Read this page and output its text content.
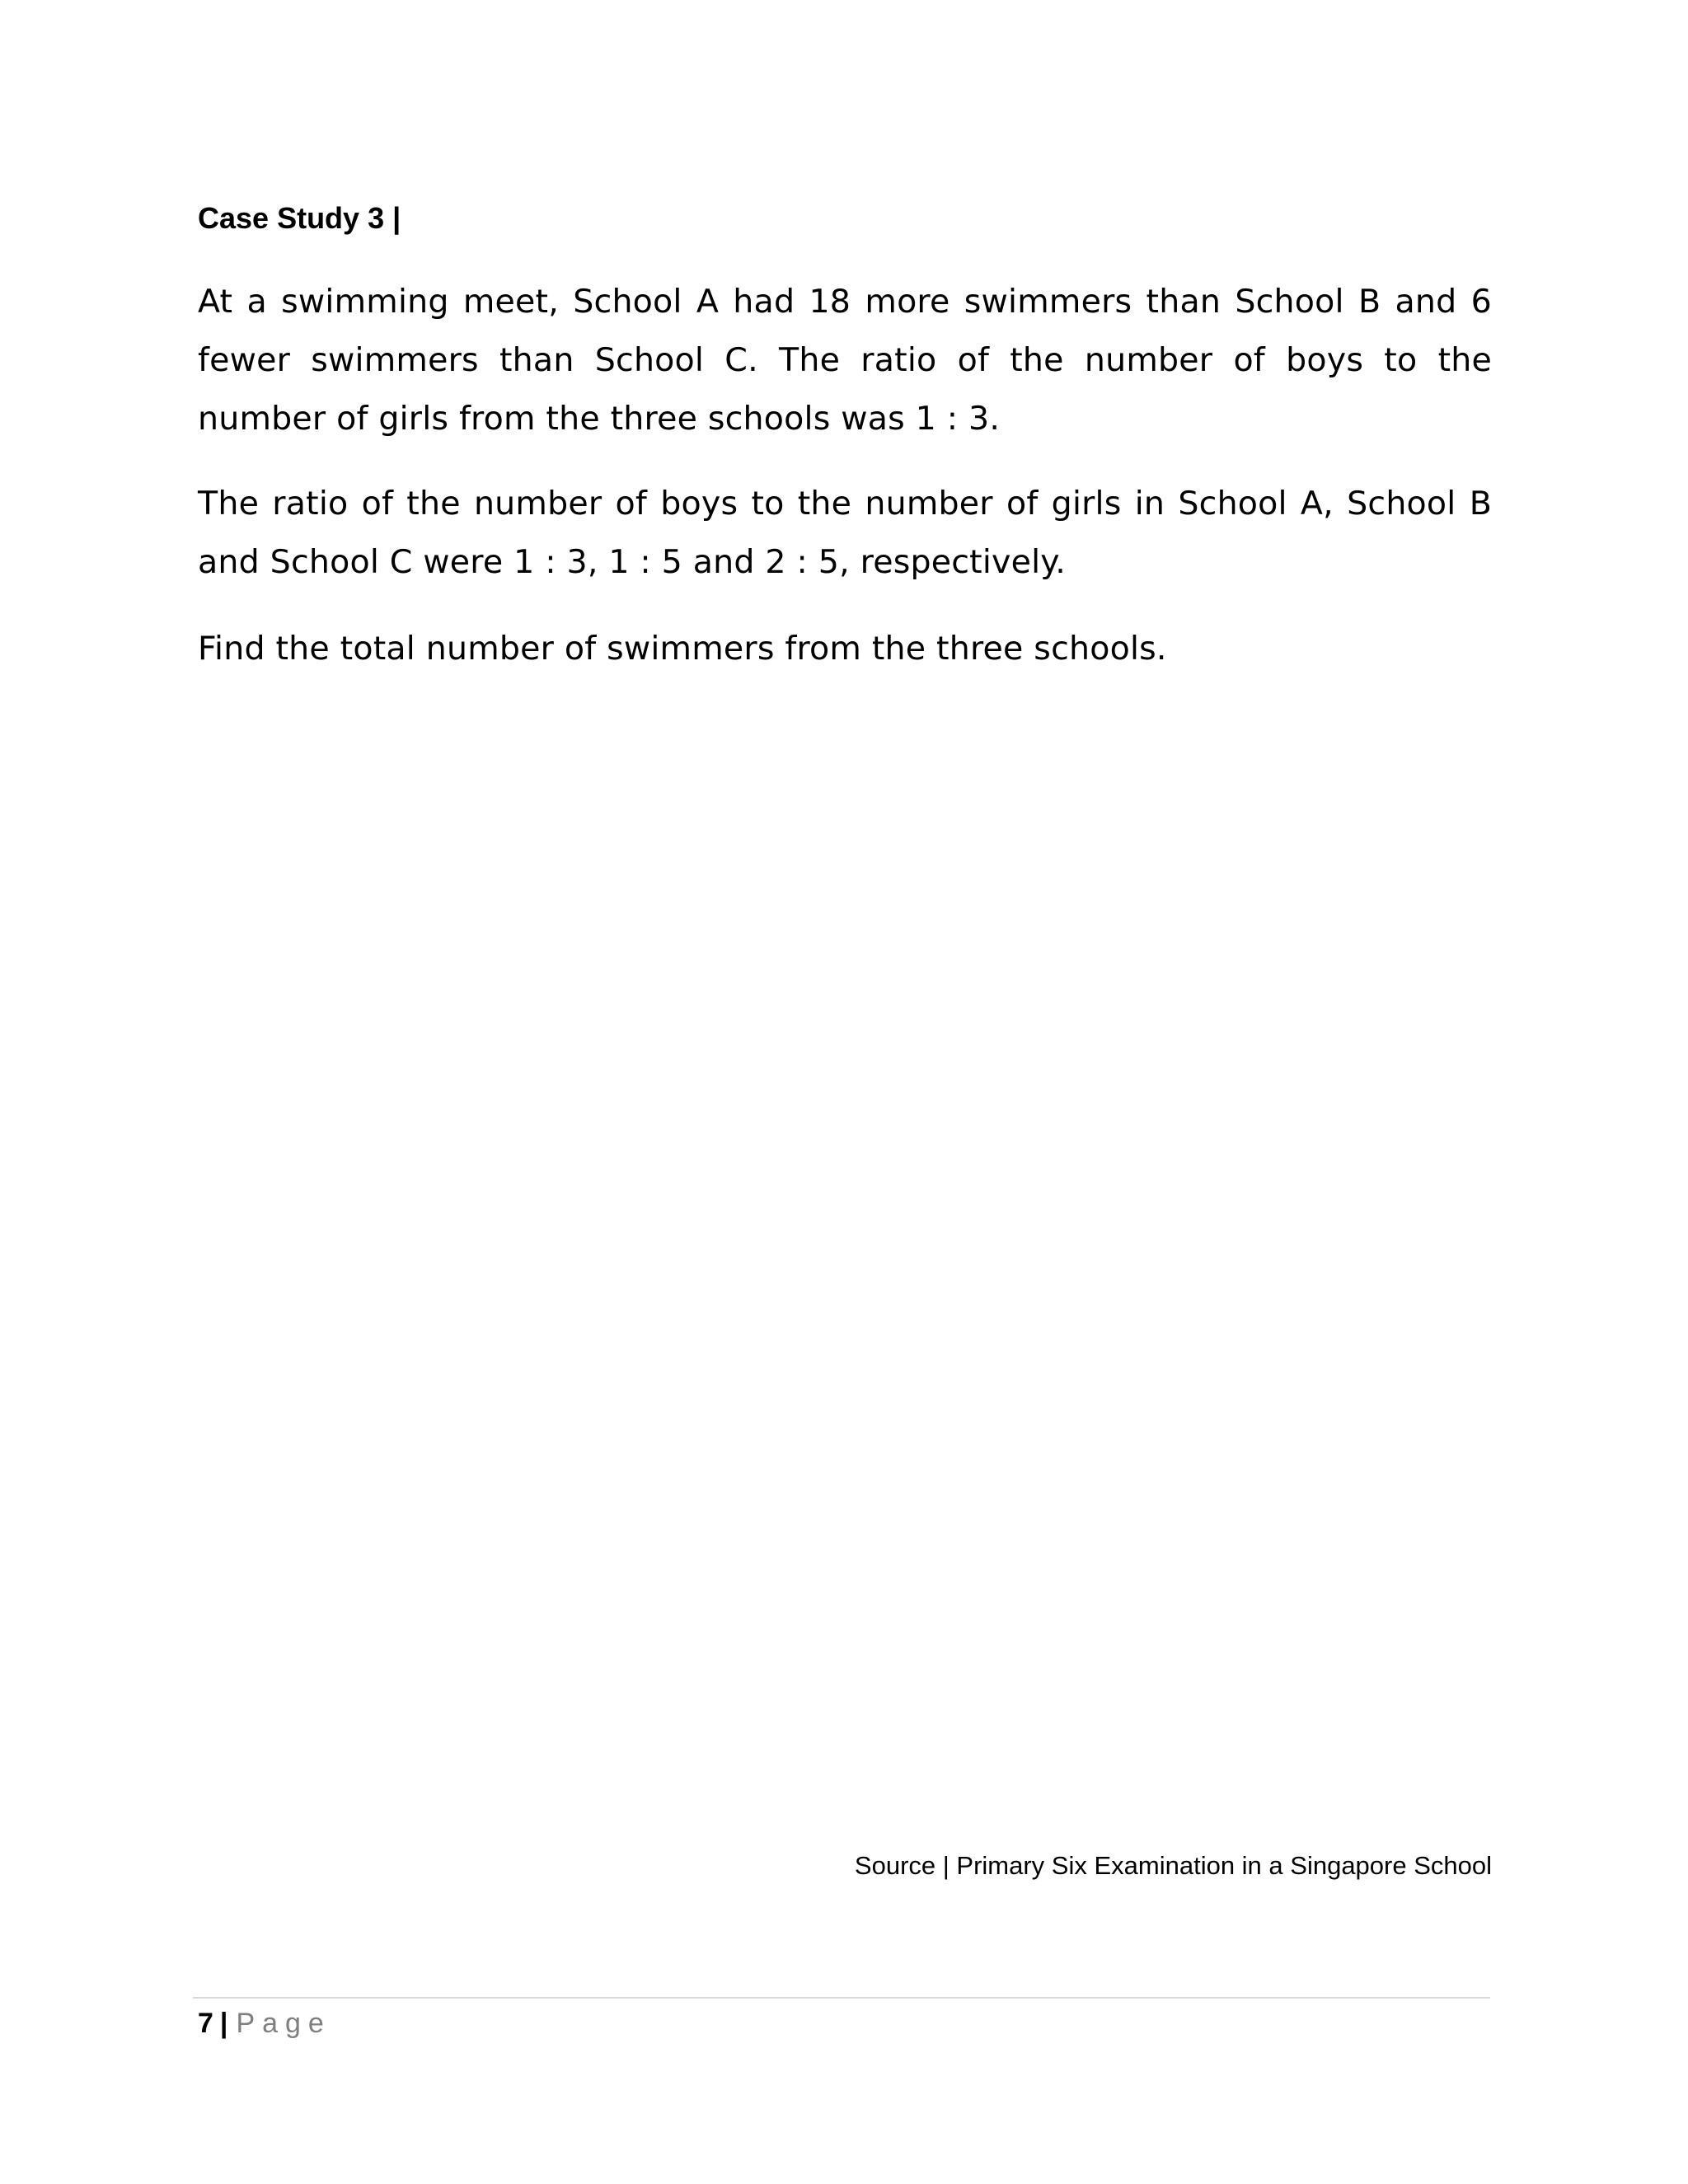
Case Study 3 |

At a swimming meet, School A had 18 more swimmers than School B and 6 fewer swimmers than School C. The ratio of the number of boys to the number of girls from the three schools was 1 : 3.

The ratio of the number of boys to the number of girls in School A, School B and School C were 1 : 3, 1 : 5 and 2 : 5, respectively.

Find the total number of swimmers from the three schools.

Source | Primary Six Examination in a Singapore School
7 | Page
